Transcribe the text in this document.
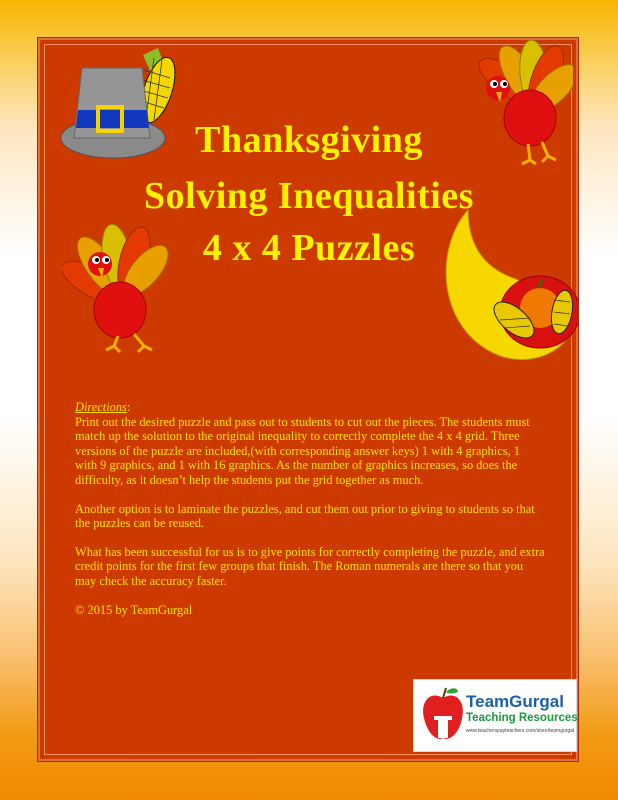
Thanksgiving
Solving Inequalities
4 x 4 Puzzles
Directions:

Print out the desired puzzle and pass out to students to cut out the pieces. The students must match up the solution to the original inequality to correctly complete the 4 x 4 grid. Three versions of the puzzle are included,(with corresponding answer keys) 1 with 4 graphics, 1 with 9 graphics, and 1 with 16 graphics. As the number of graphics increases, so does the difficulty, as it doesn’t help the students put the grid together as much.

Another option is to laminate the puzzles, and cut them out prior to giving to students so that the puzzles can be reused.

What has been successful for us is to give points for correctly completing the puzzle, and extra credit points for the first few groups that finish. The Roman numerals are there so that you may check the accuracy faster.

© 2015 by TeamGurgal

TeamGurgal
Teaching Resources
www.teacherspayteachers.com/store/teamgurgal
